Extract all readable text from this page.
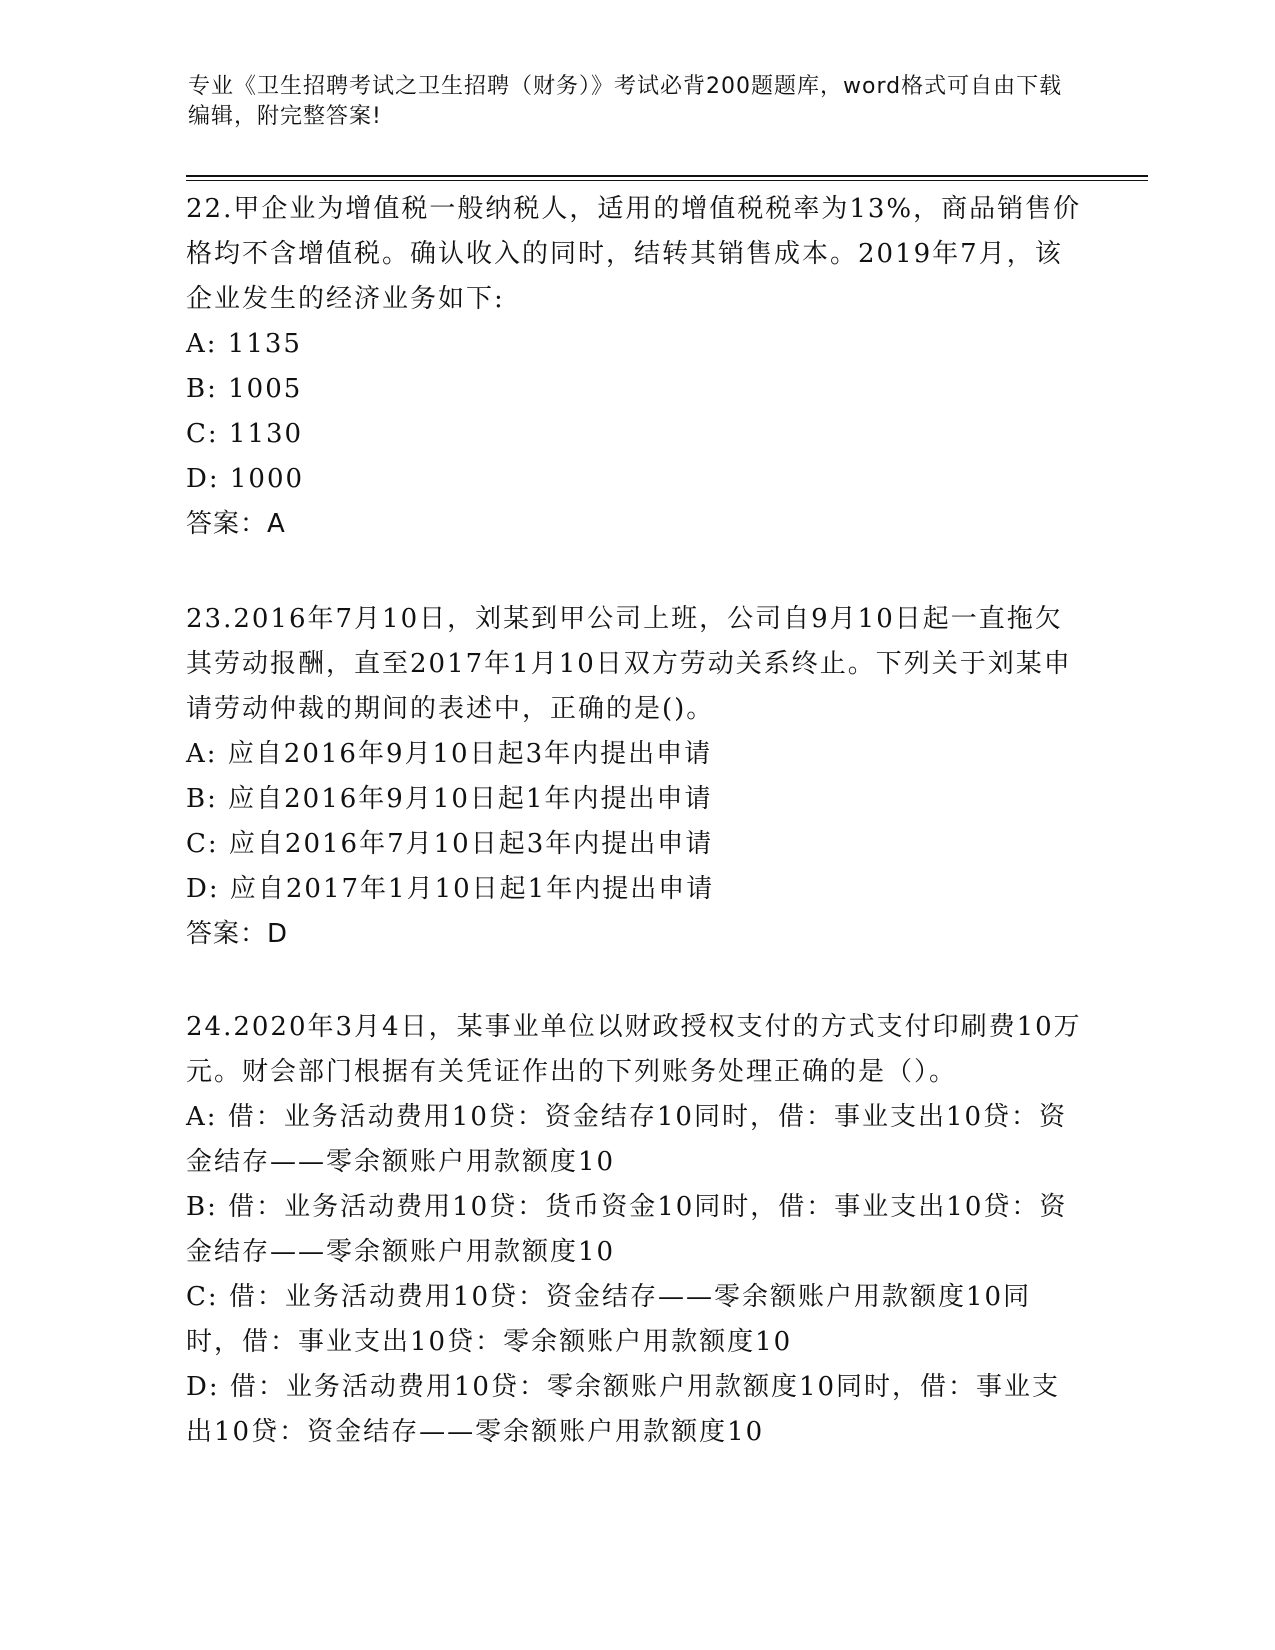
专业《卫生招聘考试之卫生招聘（财务）》考试必背200题题库，word格式可自由下载编辑，附完整答案!

22.甲企业为增值税一般纳税人，适用的增值税税率为13%，商品销售价格均不含增值税。确认收入的同时，结转其销售成本。2019年7月，该企业发生的经济业务如下:

A: 1135

B: 1005

C: 1130

D: 1000

答案：A

23.2016年7月10日，刘某到甲公司上班，公司自9月10日起一直拖欠其劳动报酬，直至2017年1月10日双方劳动关系终止。下列关于刘某申请劳动仲裁的期间的表述中，正确的是()。

A: 应自2016年9月10日起3年内提出申请

B: 应自2016年9月10日起1年内提出申请

C: 应自2016年7月10日起3年内提出申请

D: 应自2017年1月10日起1年内提出申请

答案：D

24.2020年3月4日，某事业单位以财政授权支付的方式支付印刷费10万元。财会部门根据有关凭证作出的下列账务处理正确的是（）。

A: 借：业务活动费用10贷：资金结存10同时，借：事业支出10贷：资金结存——零余额账户用款额度10

B: 借：业务活动费用10贷：货币资金10同时，借：事业支出10贷：资金结存——零余额账户用款额度10

C: 借：业务活动费用10贷：资金结存——零余额账户用款额度10同时，借：事业支出10贷：零余额账户用款额度10

D: 借：业务活动费用10贷：零余额账户用款额度10同时，借：事业支出10贷：资金结存——零余额账户用款额度10
